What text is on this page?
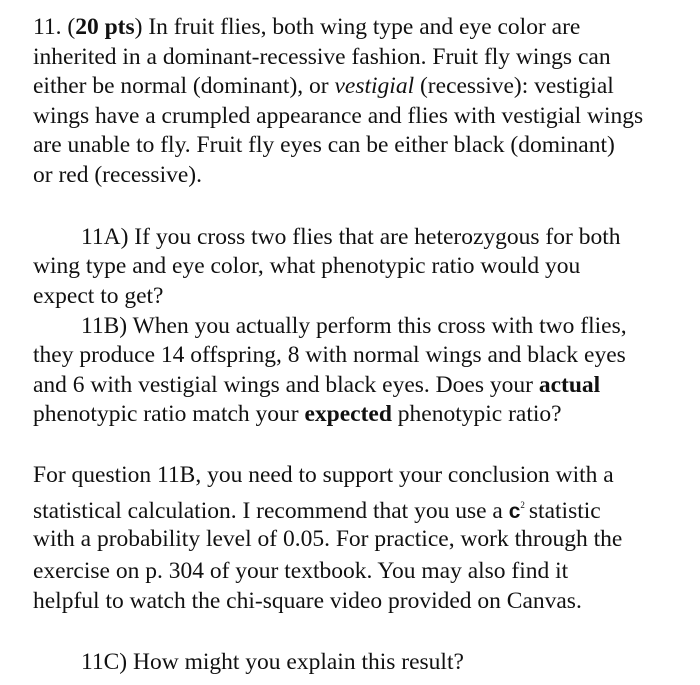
11. (20 pts) In fruit flies, both wing type and eye color are

inherited in a dominant-recessive fashion. Fruit fly wings can

either be normal (dominant), or vestigial (recessive): vestigial

wings have a crumpled appearance and flies with vestigial wings

are unable to fly. Fruit fly eyes can be either black (dominant)

or red (recessive).

11A) If you cross two flies that are heterozygous for both

wing type and eye color, what phenotypic ratio would you

expect to get?

11B) When you actually perform this cross with two flies,

they produce 14 offspring, 8 with normal wings and black eyes

and 6 with vestigial wings and black eyes. Does your actual

phenotypic ratio match your expected phenotypic ratio?

For question 11B, you need to support your conclusion with a

statistical calculation. I recommend that you use a $c^2$ statistic

with a probability level of 0.05. For practice, work through the

exercise on p. 304 of your textbook. You may also find it

helpful to watch the chi-square video provided on Canvas.

11C) How might you explain this result?
